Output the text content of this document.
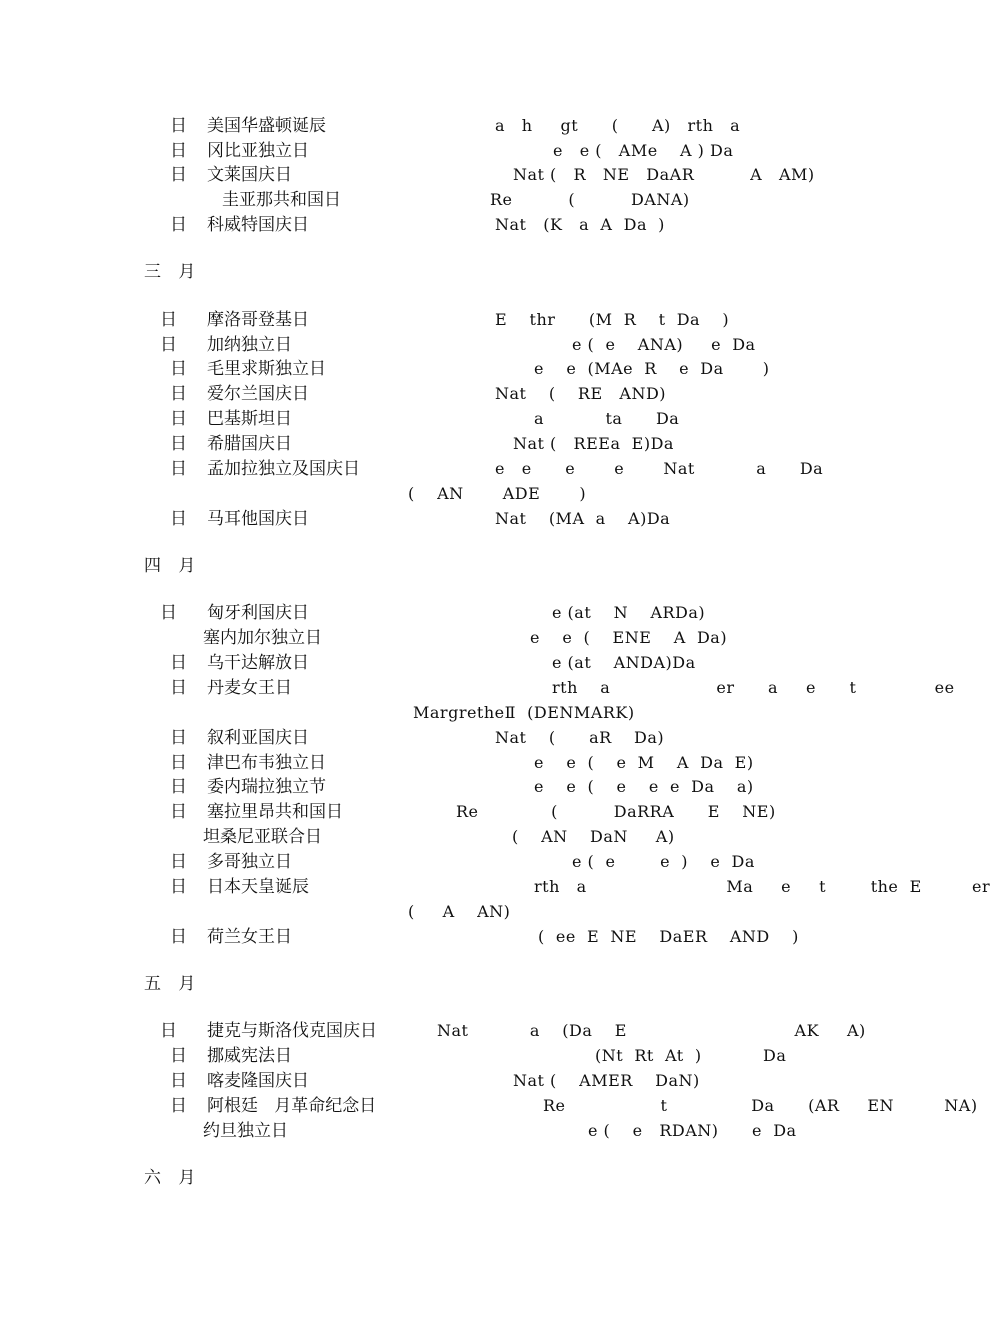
日 美国华盛顿诞辰	a   h     gt      (      A)   rth   a
日 冈比亚独立日	e   e (   AMe    A ) Da
日 文莱国庆日	Nat (   R   NE   DaAR          A   AM)
圭亚那共和国日	Re          (          DANA)
日 科威特国庆日	Nat   (K   a  A  Da  )
三 月
日 摩洛哥登基日	E    thr      (M  R    t  Da    )
日 加纳独立日	e (  e    ANA)     e  Da
日 毛里求斯独立日	e    e  (MAe  R    e  Da       )
日 爱尔兰国庆日	Nat    (    RE   AND)
日 巴基斯坦日	a           ta      Da
日 希腊国庆日	Nat (   REEa  E)Da
日 孟加拉独立及国庆日	e   e      e       e       Nat           a      Da
(    AN       ADE       )
日 马耳他国庆日	Nat    (MA  a    A)Da
四 月
日 匈牙利国庆日	e (at    N    ARDa)
塞内加尔独立日	e    e  (    ENE    A  Da)
日 乌干达解放日	e (at    ANDA)Da
日 丹麦女王日	rth    a                   er      a     e      t              ee
MargretheⅡ  (DENMARK)
日 叙利亚国庆日	Nat    (      aR    Da)
日 津巴布韦独立日	e    e  (    e  M    A  Da  E)
日 委内瑞拉独立节	e    e  (    e    e  e  Da    a)
日 塞拉里昂共和国日	Re             (          DaRRA      E    NE)
坦桑尼亚联合日	(    AN    DaN     A)
日 多哥独立日	e (  e        e  )    e  Da
日 日本天皇诞辰	rth   a                         Ma     e     t        the  E         er
(     A    AN)
日 荷兰女王日	(  ee  E  NE    DaER    AND    )
五 月
日 捷克与斯洛伐克国庆日	Nat           a    (Da    E                              AK     A)
日 挪威宪法日	(Nt  Rt  At  )           Da
日 喀麦隆国庆日	Nat (    AMER    DaN)
日 阿根廷   月革命纪念日	Re                 t               Da      (AR     EN         NA)
约旦独立日	e (    e   RDAN)      e  Da
六 月
